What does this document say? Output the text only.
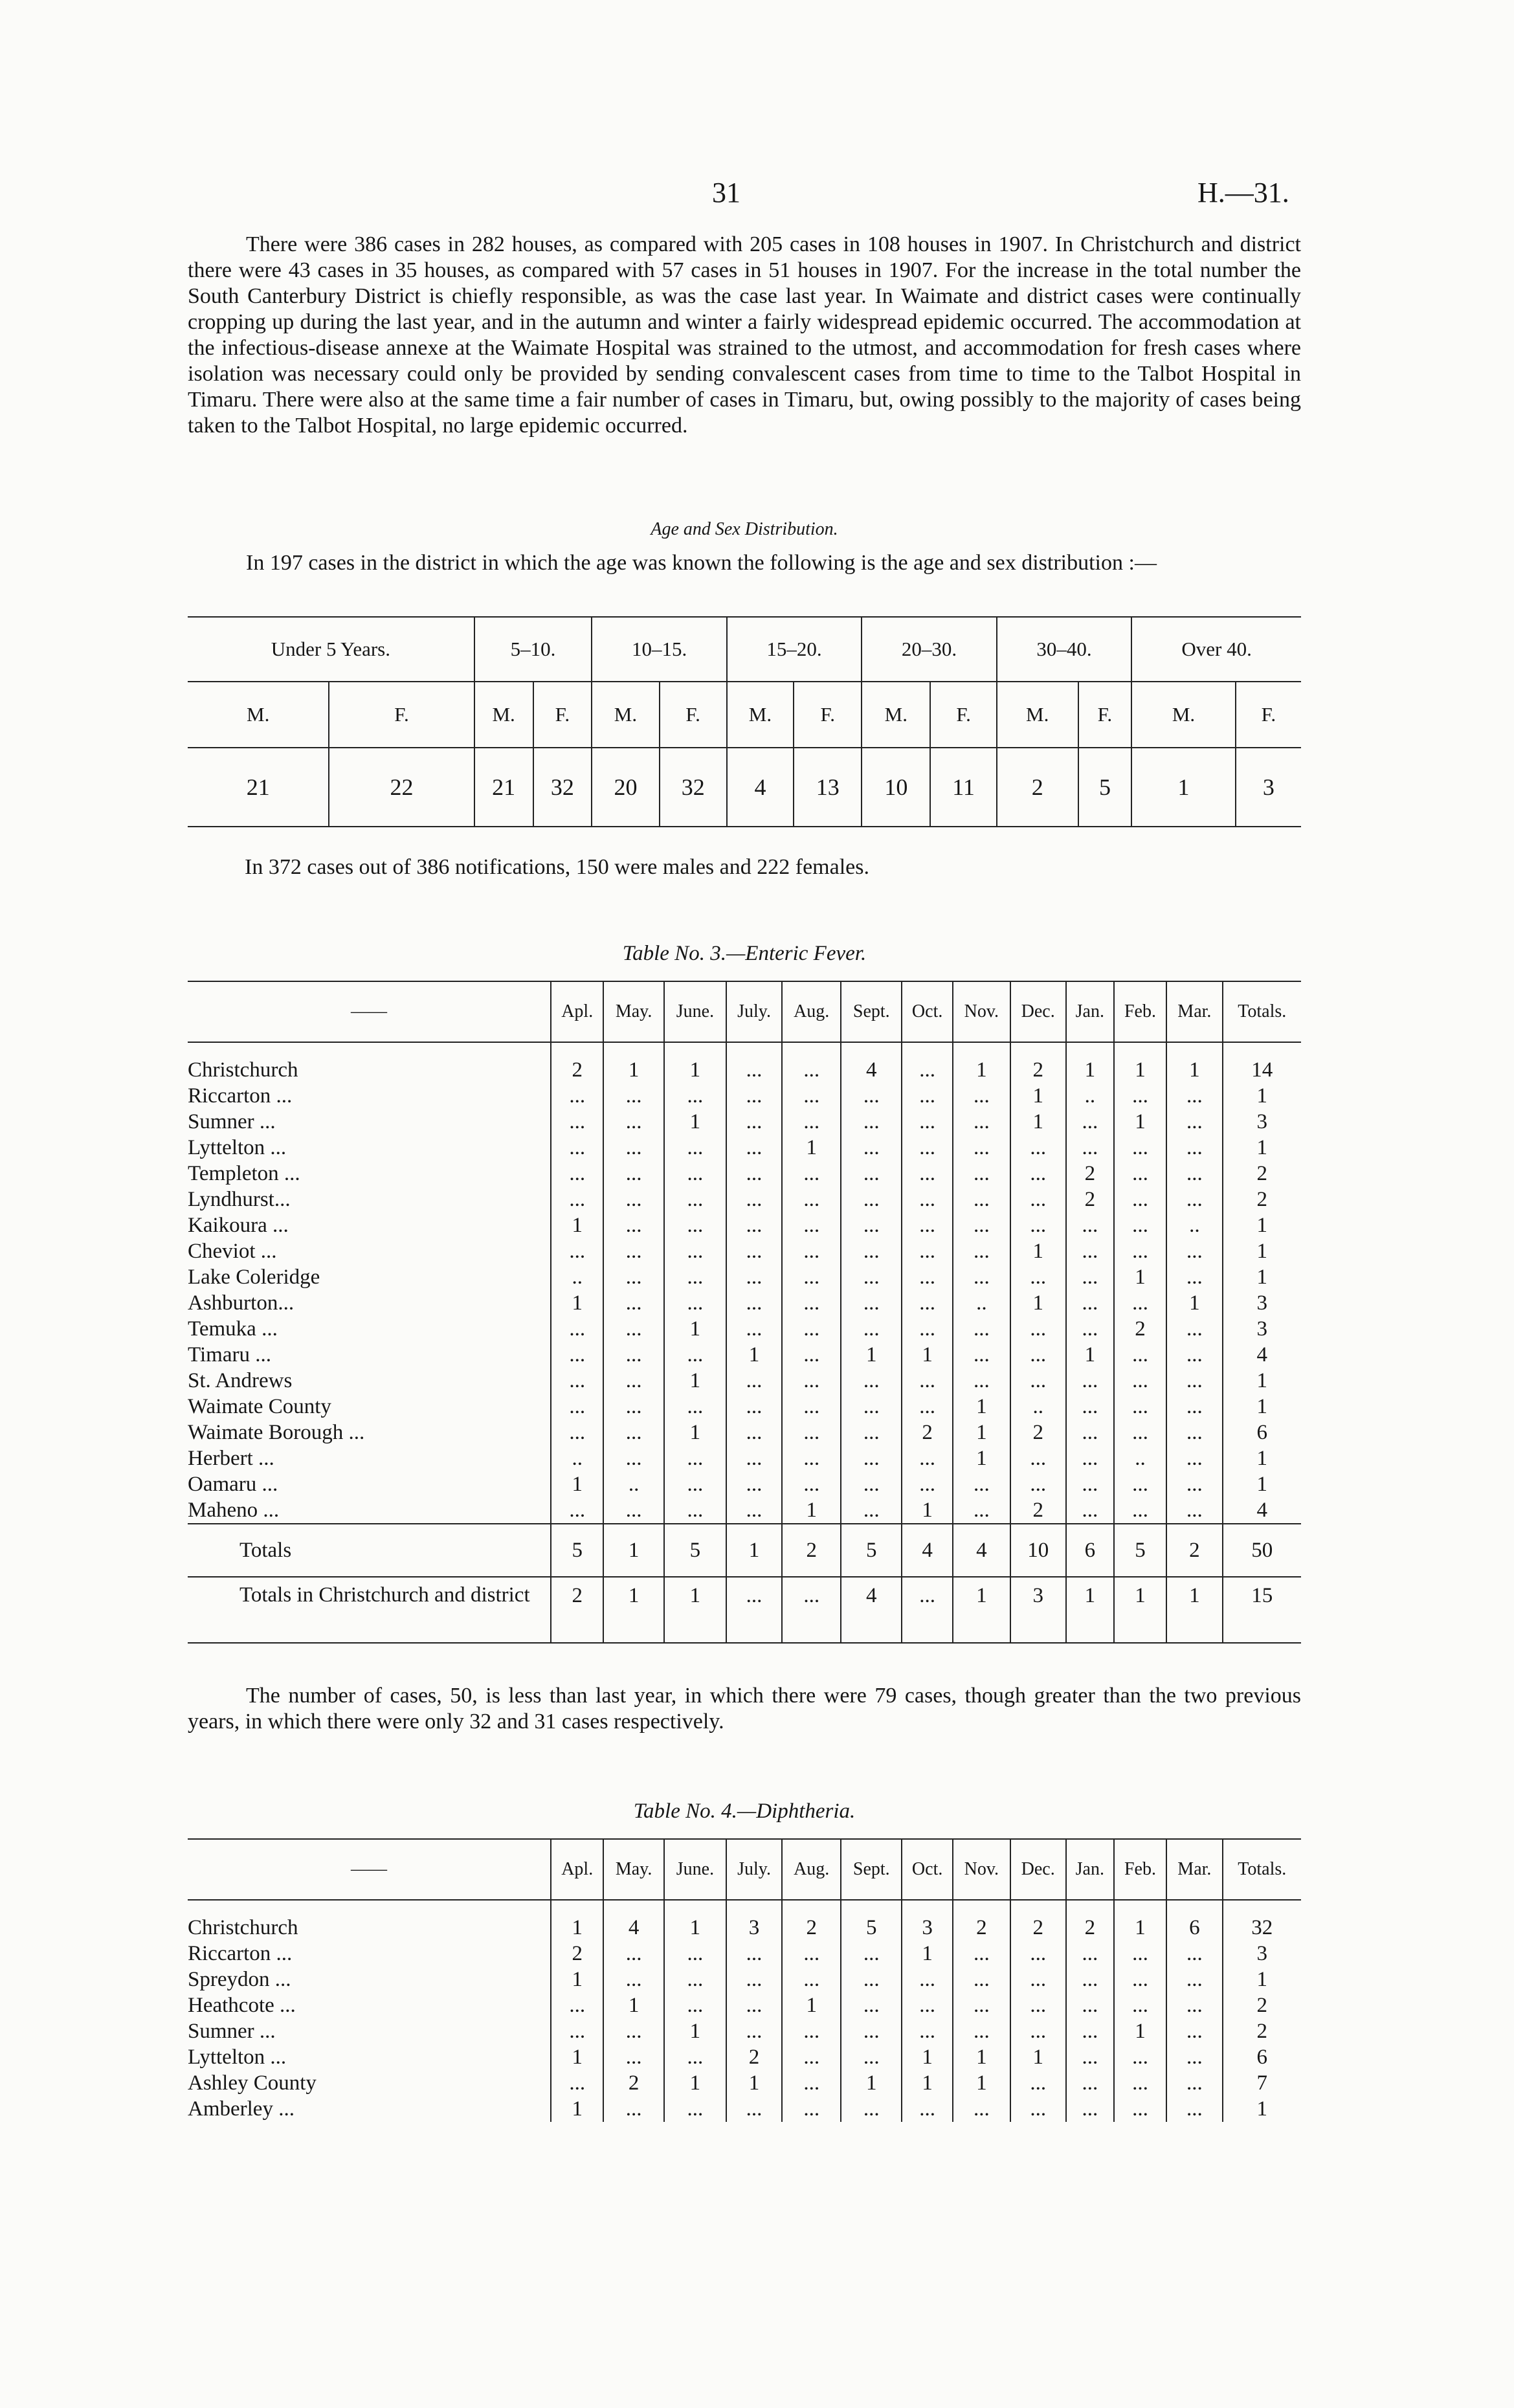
31	H.—31.
There were 386 cases in 282 houses, as compared with 205 cases in 108 houses in 1907. In Christchurch and district there were 43 cases in 35 houses, as compared with 57 cases in 51 houses in 1907. For the increase in the total number the South Canterbury District is chiefly responsible, as was the case last year. In Waimate and district cases were continually cropping up during the last year, and in the autumn and winter a fairly widespread epidemic occurred. The accommodation at the infectious-disease annexe at the Waimate Hospital was strained to the utmost, and accommodation for fresh cases where isolation was necessary could only be provided by sending convalescent cases from time to time to the Talbot Hospital in Timaru. There were also at the same time a fair number of cases in Timaru, but, owing possibly to the majority of cases being taken to the Talbot Hospital, no large epidemic occurred.
Age and Sex Distribution.
In 197 cases in the district in which the age was known the following is the age and sex distribution :—
Under 5 Years.		5–10.		10–15.		15–20.		20–30.		30–40.		Over 40.	
M.	F.	M.	F.	M.	F.	M.	F.	M.	F.	M.	F.	M.	F.
21	22	21	32	20	32	4	13	10	11	2	5	1	3
In 372 cases out of 386 notifications, 150 were males and 222 females.
Table No. 3.—Enteric Fever.
——	Apl.	May.	June.	July.	Aug.	Sept.	Oct.	Nov.	Dec.	Jan.	Feb.	Mar.	Totals.
Christchurch	2	1	1	...	...	4	...	1	2	1	1	1	14
Riccarton ...	...	...	...	...	...	...	...	...	1	..	...	...	1
Sumner ...	...	...	1	...	...	...	...	...	1	...	1	...	3
Lyttelton ...	...	...	...	...	1	...	...	...	...	...	...	...	1
Templeton ...	...	...	...	...	...	...	...	...	...	2	...	...	2
Lyndhurst...	...	...	...	...	...	...	...	...	...	2	...	...	2
Kaikoura ...	1	...	...	...	...	...	...	...	...	...	...	..	1
Cheviot ...	...	...	...	...	...	...	...	...	1	...	...	...	1
Lake Coleridge	..	...	...	...	...	...	...	...	...	...	1	...	1
Ashburton...	1	...	...	...	...	...	...	..	1	...	...	1	3
Temuka ...	...	...	1	...	...	...	...	...	...	...	2	...	3
Timaru ...	...	...	...	1	...	1	1	...	...	1	...	...	4
St. Andrews	...	...	1	...	...	...	...	...	...	...	...	...	1
Waimate County	...	...	...	...	...	...	...	1	..	...	...	...	1
Waimate Borough ...	...	...	1	...	...	...	2	1	2	...	...	...	6
Herbert ...	..	...	...	...	...	...	...	1	...	...	..	...	1
Oamaru ...	1	..	...	...	...	...	...	...	...	...	...	...	1
Maheno ...	...	...	...	...	1	...	1	...	2	...	...	...	4
Totals	5	1	5	1	2	5	4	4	10	6	5	2	50
Totals in Christchurch and district	2	1	1	...	...	4	...	1	3	1	1	1	15
The number of cases, 50, is less than last year, in which there were 79 cases, though greater than the two previous years, in which there were only 32 and 31 cases respectively.
Table No. 4.—Diphtheria.
——	Apl.	May.	June.	July.	Aug.	Sept.	Oct.	Nov.	Dec.	Jan.	Feb.	Mar.	Totals.
Christchurch	1	4	1	3	2	5	3	2	2	2	1	6	32
Riccarton ...	2	...	...	...	...	...	1	...	...	...	...	...	3
Spreydon ...	1	...	...	...	...	...	...	...	...	...	...	...	1
Heathcote ...	...	1	...	...	1	...	...	...	...	...	...	...	2
Sumner ...	...	...	1	...	...	...	...	...	...	...	1	...	2
Lyttelton ...	1	...	...	2	...	...	1	1	1	...	...	...	6
Ashley County	...	2	1	1	...	1	1	1	...	...	...	...	7
Amberley ...	1	...	...	...	...	...	...	...	...	...	...	...	1
